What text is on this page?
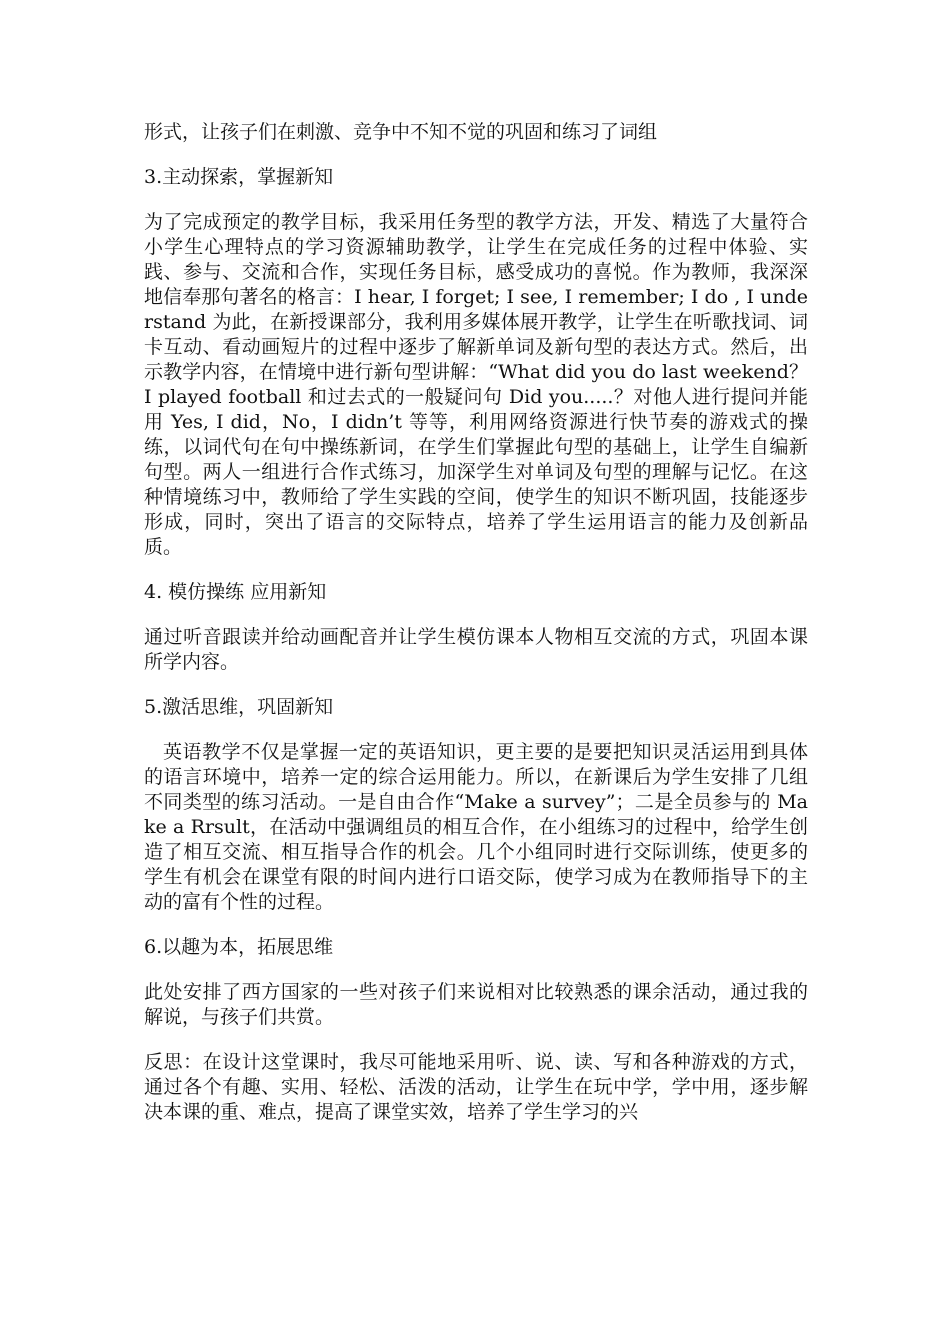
形式，让孩子们在刺激、竞争中不知不觉的巩固和练习了词组

3.主动探索，掌握新知

为了完成预定的教学目标，我采用任务型的教学方法，开发、精选了大量符合小学生心理特点的学习资源辅助教学，让学生在完成任务的过程中体验、实践、参与、交流和合作，实现任务目标，感受成功的喜悦。作为教师，我深深地信奉那句著名的格言：I hear, I forget; I see, I remember; I do , I understand 为此，在新授课部分，我利用多媒体展开教学，让学生在听歌找词、词卡互动、看动画短片的过程中逐步了解新单词及新句型的表达方式。然后，出示教学内容，在情境中进行新句型讲解：“What did you do last weekend？I played football 和过去式的一般疑问句 Did you.....？对他人进行提问并能用 Yes, I did，No，I didn’t 等等，利用网络资源进行快节奏的游戏式的操练，以词代句在句中操练新词，在学生们掌握此句型的基础上，让学生自编新句型。两人一组进行合作式练习，加深学生对单词及句型的理解与记忆。在这种情境练习中，教师给了学生实践的空间，使学生的知识不断巩固，技能逐步形成，同时，突出了语言的交际特点，培养了学生运用语言的能力及创新品质。

4. 模仿操练 应用新知

通过听音跟读并给动画配音并让学生模仿课本人物相互交流的方式，巩固本课所学内容。

5.激活思维，巩固新知

英语教学不仅是掌握一定的英语知识，更主要的是要把知识灵活运用到具体的语言环境中，培养一定的综合运用能力。所以，在新课后为学生安排了几组不同类型的练习活动。一是自由合作“Make a survey”；二是全员参与的 Make a Rrsult，在活动中强调组员的相互合作，在小组练习的过程中，给学生创造了相互交流、相互指导合作的机会。几个小组同时进行交际训练，使更多的学生有机会在课堂有限的时间内进行口语交际，使学习成为在教师指导下的主动的富有个性的过程。

6.以趣为本，拓展思维

此处安排了西方国家的一些对孩子们来说相对比较熟悉的课余活动，通过我的解说，与孩子们共赏。

反思：在设计这堂课时，我尽可能地采用听、说、读、写和各种游戏的方式，通过各个有趣、实用、轻松、活泼的活动，让学生在玩中学，学中用，逐步解决本课的重、难点，提高了课堂实效，培养了学生学习的兴
